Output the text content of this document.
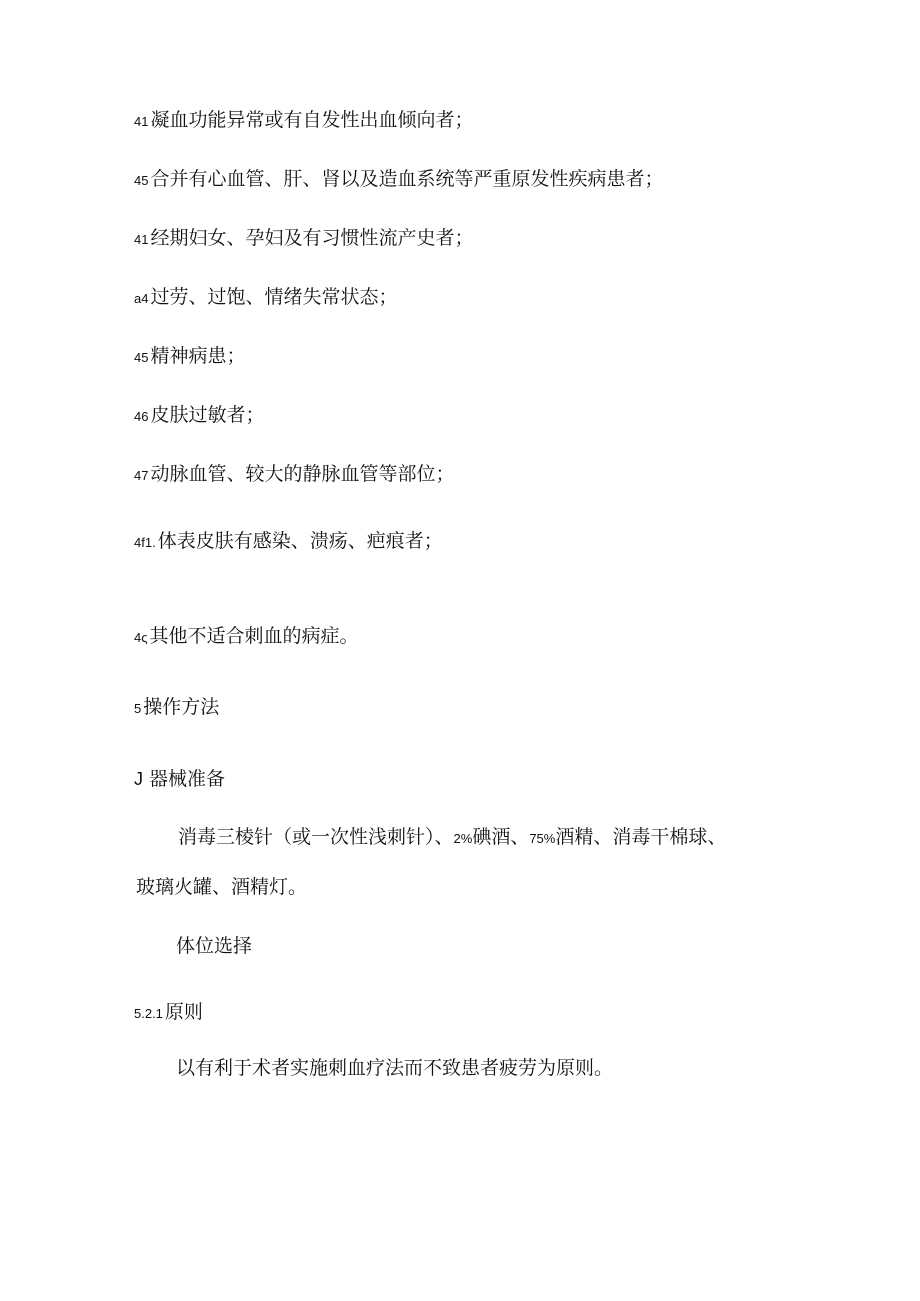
41 凝血功能异常或有自发性出血倾向者；
45 合并有心血管、肝、肾以及造血系统等严重原发性疾病患者；
41 经期妇女、孕妇及有习惯性流产史者；
a4 过劳、过饱、情绪失常状态；
45 精神病患；
46 皮肤过敏者；
47 动脉血管、较大的静脉血管等部位；
4f1. 体表皮肤有感染、溃疡、疤痕者；
4ς 其他不适合刺血的病症。
5 操作方法
J 器械准备
消毒三棱针（或一次性浅刺针）、 2% 碘酒、 75% 酒精、消毒干棉球、
玻璃火罐、酒精灯。
体位选择
5.2.1 原则
以有利于术者实施刺血疗法而不致患者疲劳为原则。
